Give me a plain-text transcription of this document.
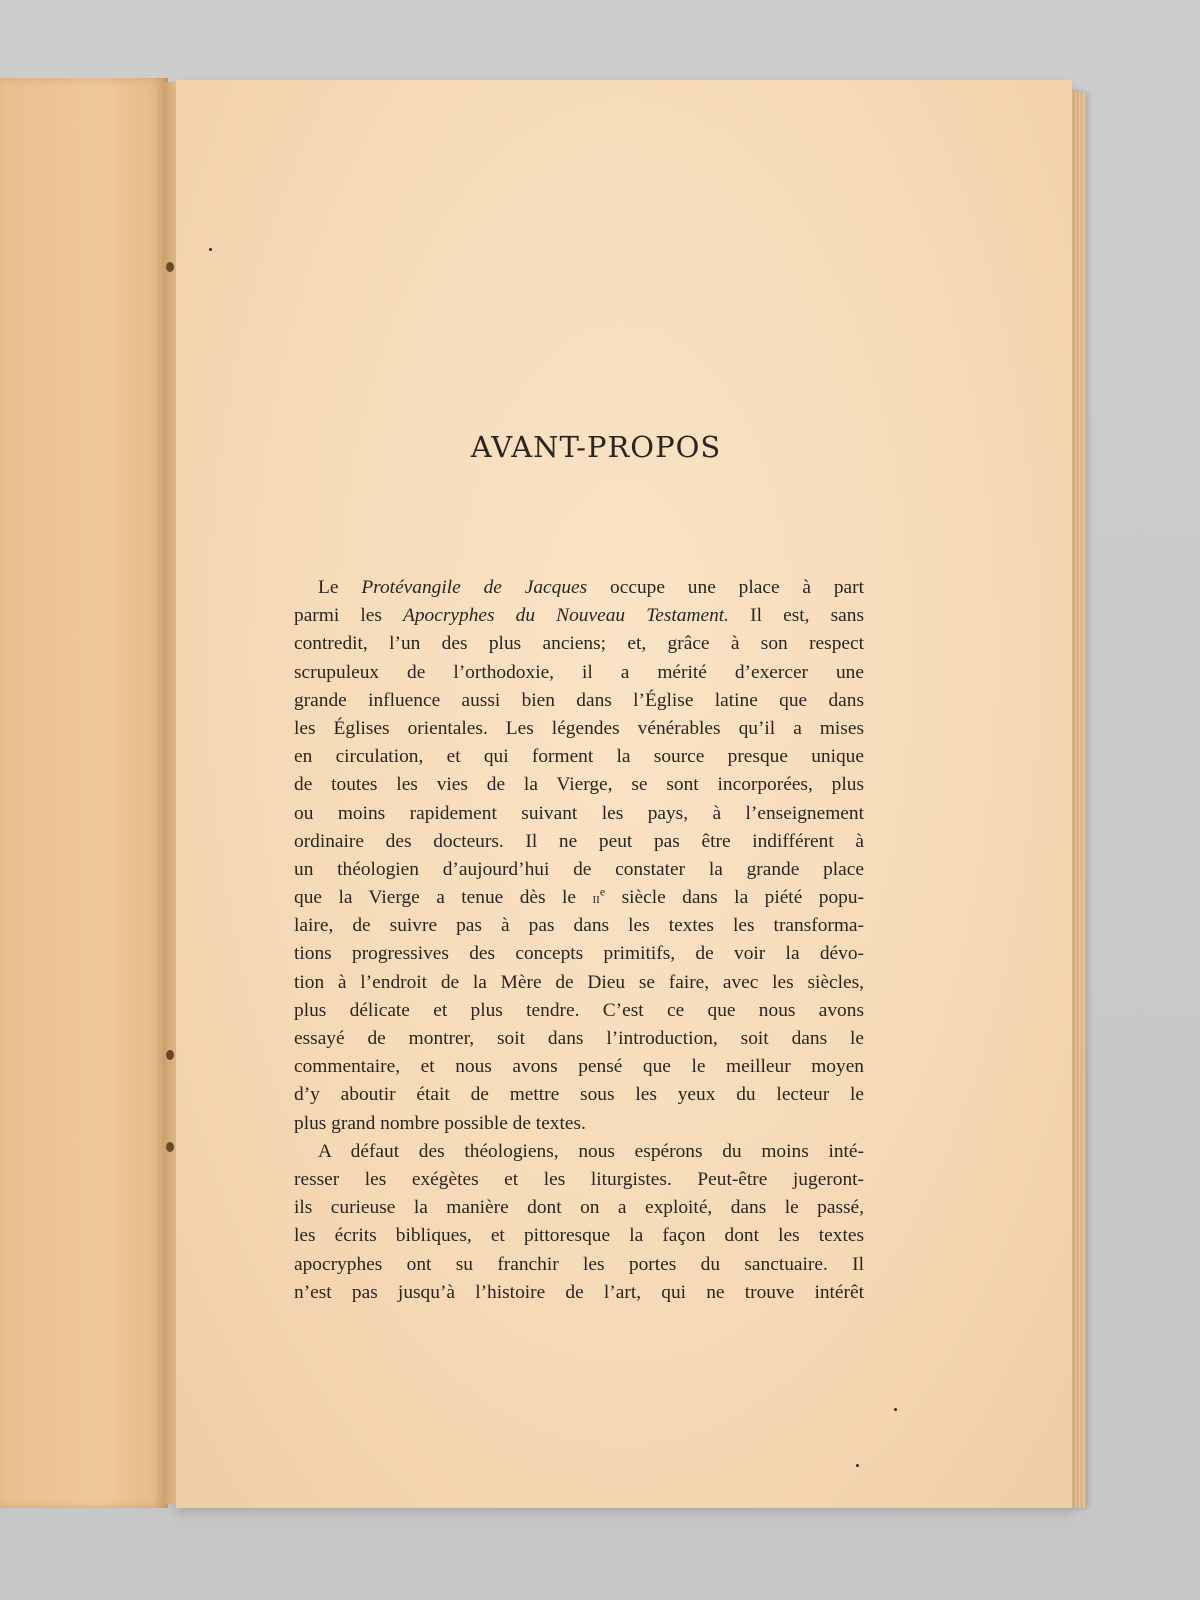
AVANT-PROPOS
Le Protévangile de Jacques occupe une place à part
parmi les Apocryphes du Nouveau Testament. Il est, sans
contredit, l’un des plus anciens; et, grâce à son respect
scrupuleux de l’orthodoxie, il a mérité d’exercer une
grande influence aussi bien dans l’Église latine que dans
les Églises orientales. Les légendes vénérables qu’il a mises
en circulation, et qui forment la source presque unique
de toutes les vies de la Vierge, se sont incorporées, plus
ou moins rapidement suivant les pays, à l’enseignement
ordinaire des docteurs. Il ne peut pas être indifférent à
un théologien d’aujourd’hui de constater la grande place
que la Vierge a tenue dès le $ii^e$ siècle dans la piété popu-
laire, de suivre pas à pas dans les textes les transforma-
tions progressives des concepts primitifs, de voir la dévo-
tion à l’endroit de la Mère de Dieu se faire, avec les siècles,
plus délicate et plus tendre. C’est ce que nous avons
essayé de montrer, soit dans l’introduction, soit dans le
commentaire, et nous avons pensé que le meilleur moyen
d’y aboutir était de mettre sous les yeux du lecteur le
plus grand nombre possible de textes.
A défaut des théologiens, nous espérons du moins inté-
resser les exégètes et les liturgistes. Peut-être jugeront-
ils curieuse la manière dont on a exploité, dans le passé,
les écrits bibliques, et pittoresque la façon dont les textes
apocryphes ont su franchir les portes du sanctuaire. Il
n’est pas jusqu’à l’histoire de l’art, qui ne trouve intérêt
